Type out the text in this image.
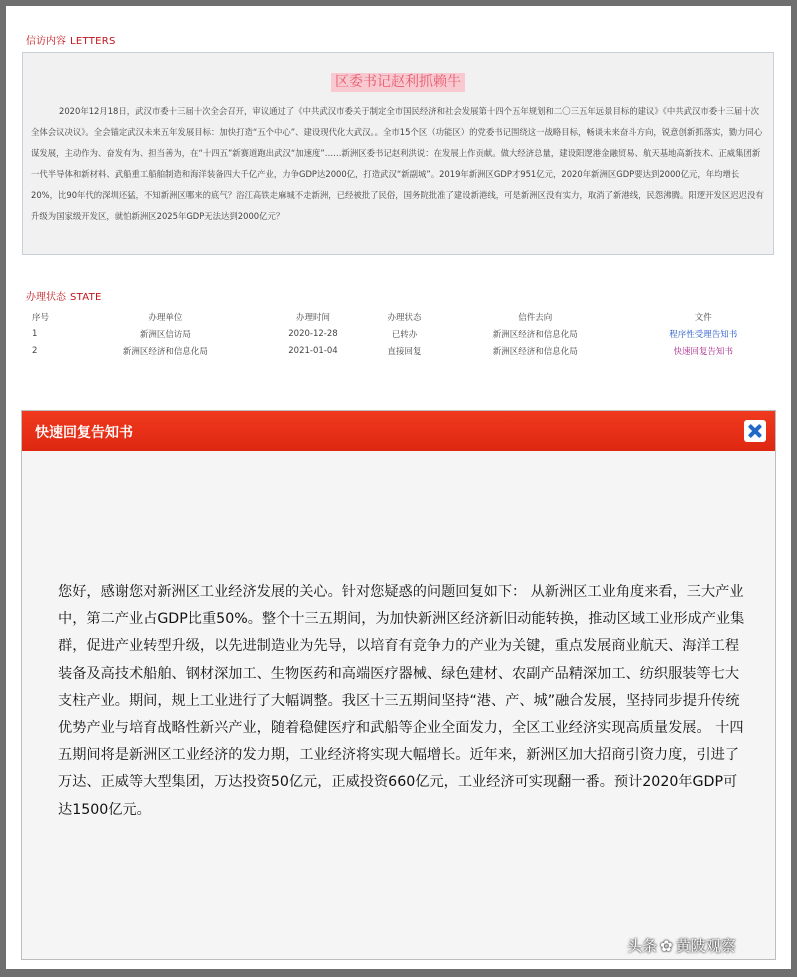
信访内容 LETTERS
区委书记赵利抓赖牛

2020年12月18日，武汉市委十三届十次全会召开，审议通过了《中共武汉市委关于制定全市国民经济和社会发展第十四个五年规划和二〇三五年远景目标的建议》《中共武汉市委十三届十次全体会议决议》。全会锚定武汉未来五年发展目标：加快打造“五个中心”、建设现代化大武汉。。全市15个区（功能区）的党委书记围绕这一战略目标，畅谈未来奋斗方向，锐意创新抓落实，勠力同心谋发展，主动作为、奋发有为、担当善为，在“十四五”新赛道跑出武汉“加速度”……新洲区委书记赵利洪说：在发展上作贡献。做大经济总量，建设阳逻港金融贸易、航天基地高新技术、正威集团新一代半导体和新材料、武船重工船舶制造和海洋装备四大千亿产业，力争GDP达2000亿，打造武汉“新副城”。2019年新洲区GDP才951亿元，2020年新洲区GDP要达到2000亿元，年均增长20%，比90年代的深圳还猛，不知新洲区哪来的底气？浴江高铁走麻城不走新洲，已经被批了民俗，国务院批准了建设新港线，可是新洲区没有实力，取消了新港线，民怨沸腾。阳逻开发区迟迟没有升级为国家级开发区，就怕新洲区2025年GDP无法达到2000亿元？

办理状态 STATE
序号	办理单位	办理时间	办理状态	信件去向	文件
1	新洲区信访局	2020-12-28	已转办	新洲区经济和信息化局	程序性受理告知书
2	新洲区经济和信息化局	2021-01-04	直接回复	新洲区经济和信息化局	快速回复告知书
快速回复告知书

您好，感谢您对新洲区工业经济发展的关心。针对您疑惑的问题回复如下： 从新洲区工业角度来看，三大产业中，第二产业占GDP比重50%。整个十三五期间，为加快新洲区经济新旧动能转换，推动区域工业形成产业集群，促进产业转型升级，以先进制造业为先导，以培育有竞争力的产业为关键，重点发展商业航天、海洋工程装备及高技术船舶、钢材深加工、生物医药和高端医疗器械、绿色建材、农副产品精深加工、纺织服装等七大支柱产业。期间，规上工业进行了大幅调整。我区十三五期间坚持“港、产、城”融合发展，坚持同步提升传统优势产业与培育战略性新兴产业，随着稳健医疗和武船等企业全面发力，全区工业经济实现高质量发展。 十四五期间将是新洲区工业经济的发力期，工业经济将实现大幅增长。近年来，新洲区加大招商引资力度，引进了万达、正威等大型集团，万达投资50亿元，正威投资660亿元，工业经济可实现翻一番。预计2020年GDP可达1500亿元。

头条 ✿ 黄陂观察
